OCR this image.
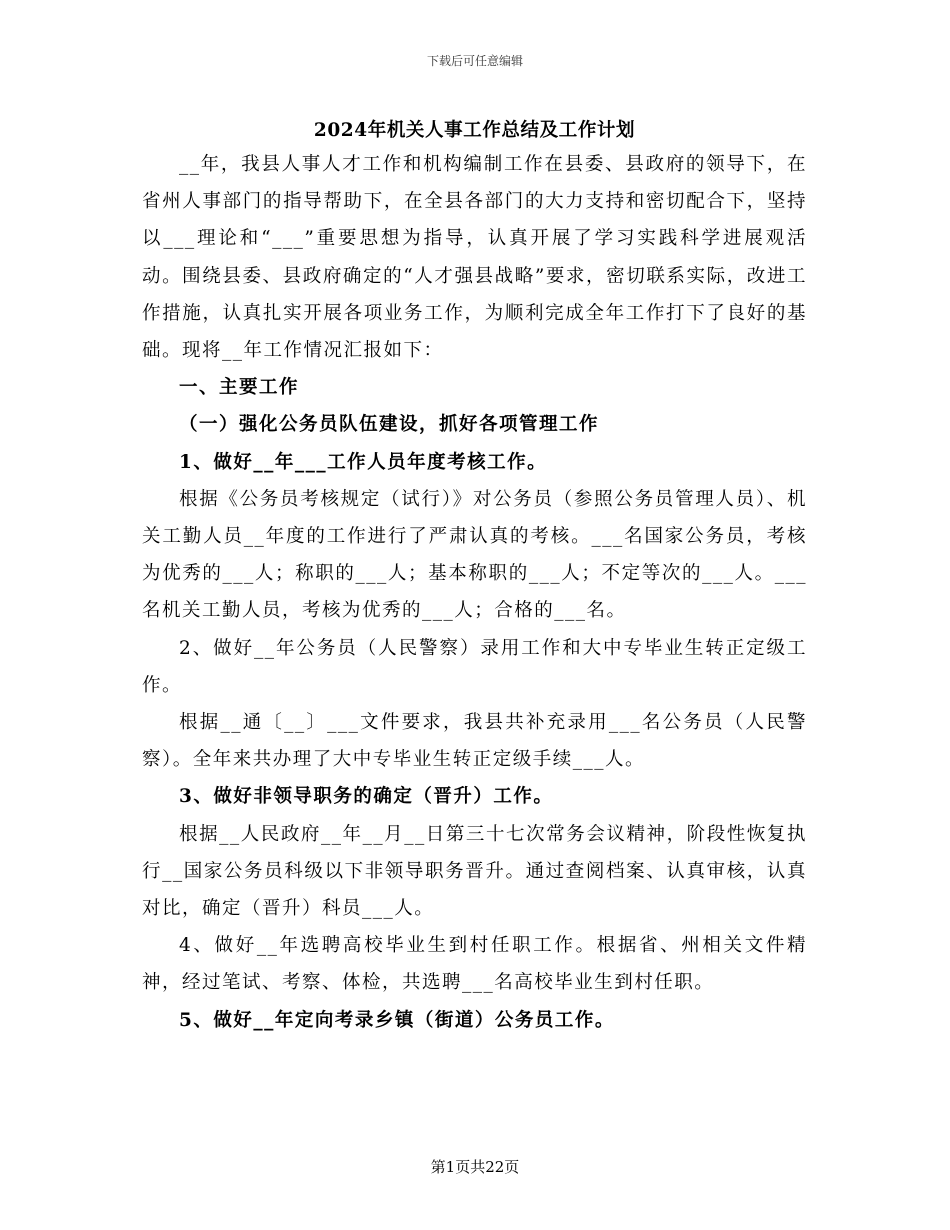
下载后可任意编辑
2024年机关人事工作总结及工作计划

__年，我县人事人才工作和机构编制工作在县委、县政府的领导下，在省州人事部门的指导帮助下，在全县各部门的大力支持和密切配合下，坚持以___理论和“___”重要思想为指导，认真开展了学习实践科学进展观活动。围绕县委、县政府确定的“人才强县战略”要求，密切联系实际，改进工作措施，认真扎实开展各项业务工作，为顺利完成全年工作打下了良好的基础。现将__年工作情况汇报如下：

一、主要工作

（一）强化公务员队伍建设，抓好各项管理工作

1、做好__年___工作人员年度考核工作。

根据《公务员考核规定（试行）》对公务员（参照公务员管理人员）、机关工勤人员__年度的工作进行了严肃认真的考核。___名国家公务员，考核为优秀的___人；称职的___人；基本称职的___人；不定等次的___人。___名机关工勤人员，考核为优秀的___人；合格的___名。

2、做好__年公务员（人民警察）录用工作和大中专毕业生转正定级工作。

根据__通〔__〕___文件要求，我县共补充录用___名公务员（人民警察）。全年来共办理了大中专毕业生转正定级手续___人。

3、做好非领导职务的确定（晋升）工作。

根据__人民政府__年__月__日第三十七次常务会议精神，阶段性恢复执行__国家公务员科级以下非领导职务晋升。通过查阅档案、认真审核，认真对比，确定（晋升）科员___人。

4、做好__年选聘高校毕业生到村任职工作。根据省、州相关文件精神，经过笔试、考察、体检，共选聘___名高校毕业生到村任职。

5、做好__年定向考录乡镇（街道）公务员工作。

第1页共22页
